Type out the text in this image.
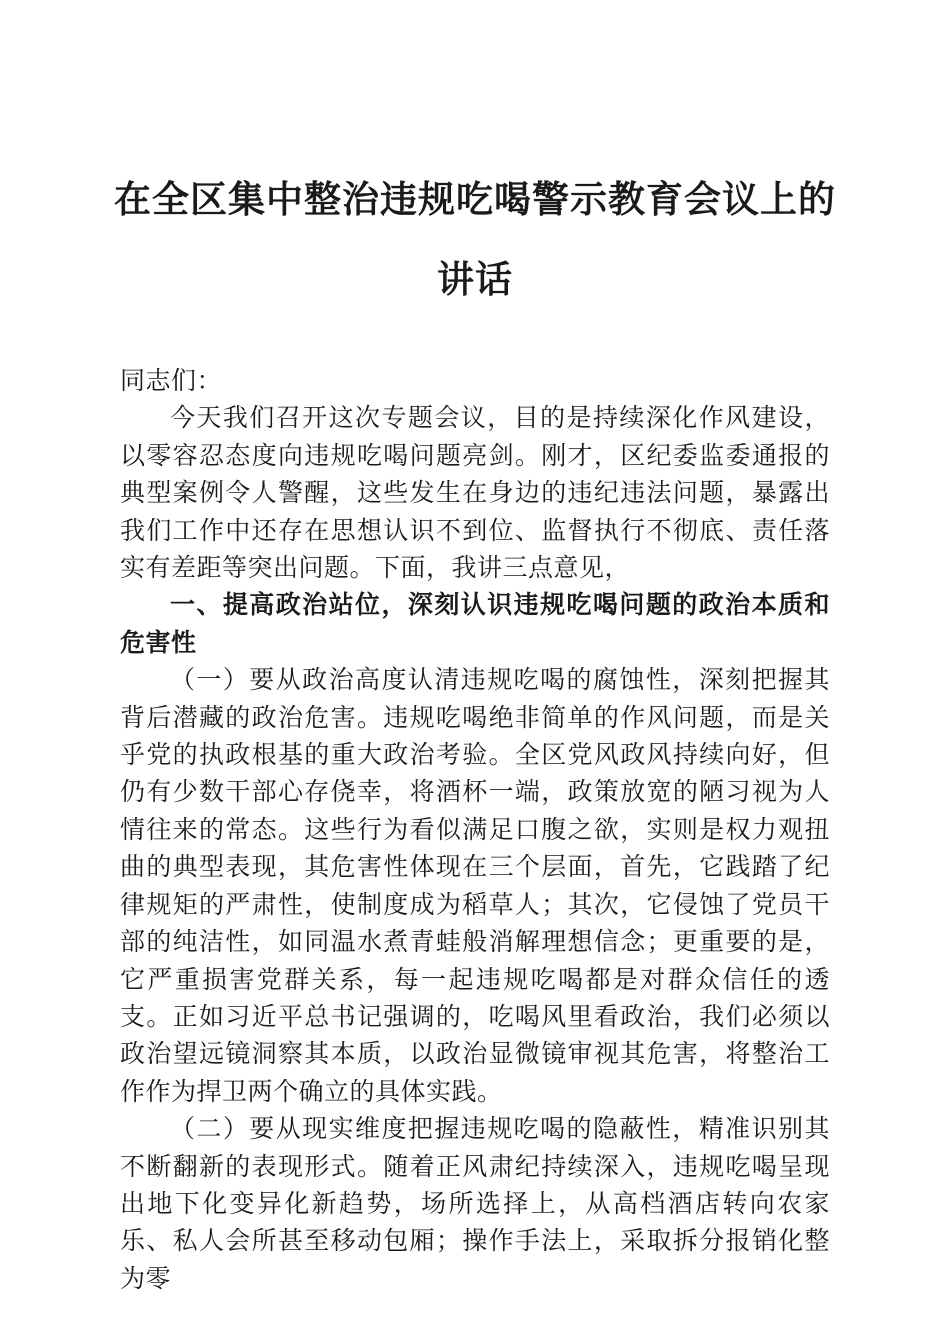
在全区集中整治违规吃喝警示教育会议上的讲话

同志们：

今天我们召开这次专题会议，目的是持续深化作风建设，以零容忍态度向违规吃喝问题亮剑。刚才，区纪委监委通报的典型案例令人警醒，这些发生在身边的违纪违法问题，暴露出我们工作中还存在思想认识不到位、监督执行不彻底、责任落实有差距等突出问题。下面，我讲三点意见，

一、提高政治站位，深刻认识违规吃喝问题的政治本质和危害性

（一）要从政治高度认清违规吃喝的腐蚀性，深刻把握其背后潜藏的政治危害。违规吃喝绝非简单的作风问题，而是关乎党的执政根基的重大政治考验。全区党风政风持续向好，但仍有少数干部心存侥幸，将酒杯一端，政策放宽的陋习视为人情往来的常态。这些行为看似满足口腹之欲，实则是权力观扭曲的典型表现，其危害性体现在三个层面，首先，它践踏了纪律规矩的严肃性，使制度成为稻草人；其次，它侵蚀了党员干部的纯洁性，如同温水煮青蛙般消解理想信念；更重要的是，它严重损害党群关系，每一起违规吃喝都是对群众信任的透支。正如习近平总书记强调的，吃喝风里看政治，我们必须以政治望远镜洞察其本质，以政治显微镜审视其危害，将整治工作作为捍卫两个确立的具体实践。

（二）要从现实维度把握违规吃喝的隐蔽性，精准识别其不断翻新的表现形式。随着正风肃纪持续深入，违规吃喝呈现出地下化变异化新趋势，场所选择上，从高档酒店转向农家乐、私人会所甚至移动包厢；操作手法上，采取拆分报销化整为零
